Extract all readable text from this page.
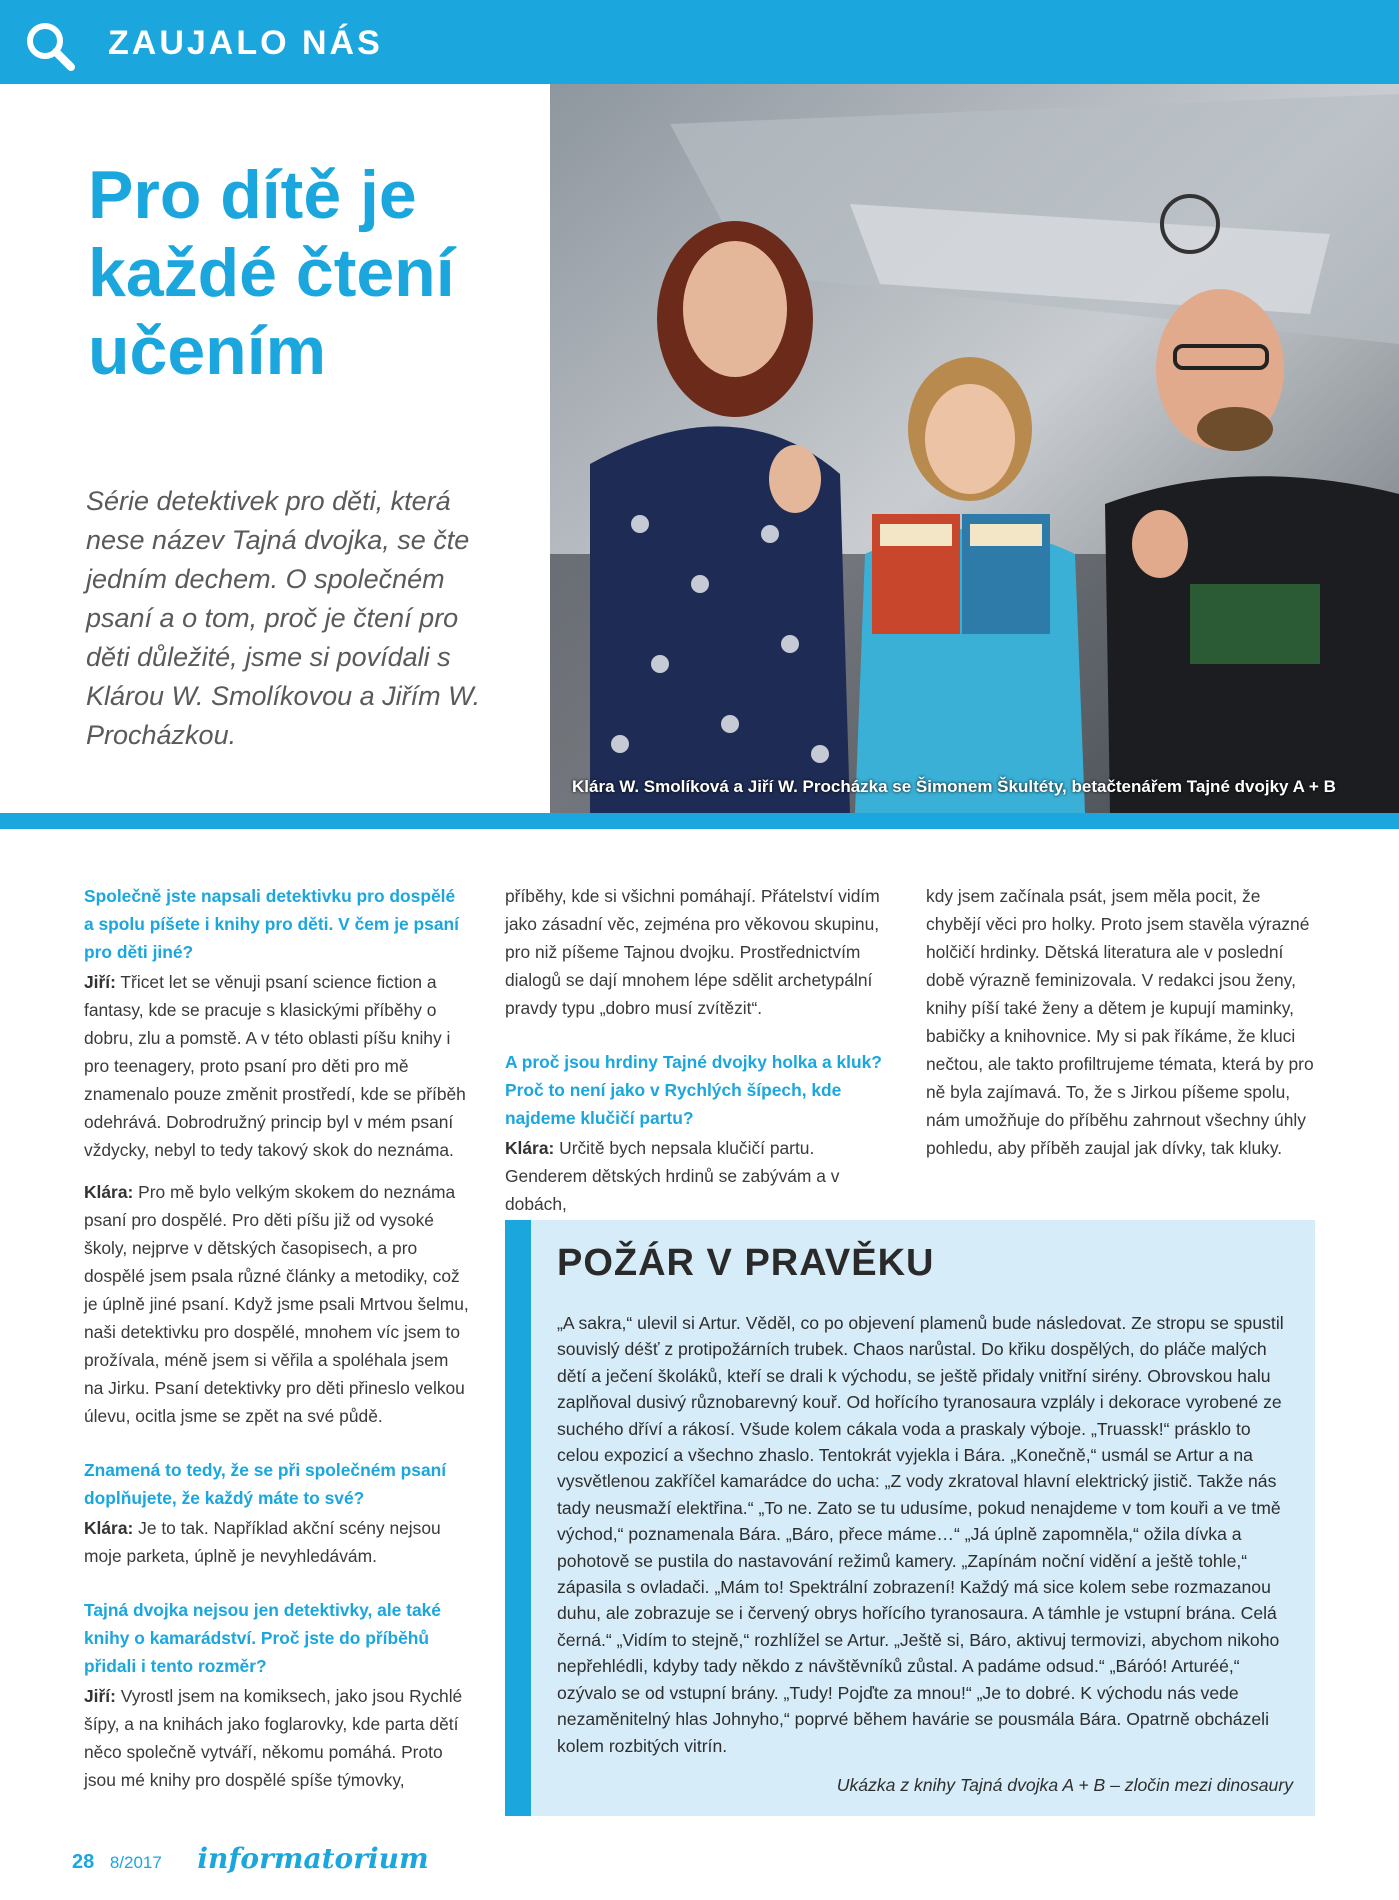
ZAUJALO NÁS
Pro dítě je každé čtení učením

Série detektivek pro děti, která nese název Tajná dvojka, se čte jedním dechem. O společném psaní a o tom, proč je čtení pro děti důležité, jsme si povídali s Klárou W. Smolíkovou a Jiřím W. Procházkou.

Klára W. Smolíková a Jiří W. Procházka se Šimonem Škultéty, betačtenářem Tajné dvojky A + B

Společně jste napsali detektivku pro dospělé a spolu píšete i knihy pro děti. V čem je psaní pro děti jiné?

Jiří: Třicet let se věnuji psaní science fiction a fantasy, kde se pracuje s klasickými příběhy o dobru, zlu a pomstě. A v této oblasti píšu knihy i pro teenagery, proto psaní pro děti pro mě znamenalo pouze změnit prostředí, kde se příběh odehrává. Dobrodružný princip byl v mém psaní vždycky, nebyl to tedy takový skok do neznáma.

Klára: Pro mě bylo velkým skokem do neznáma psaní pro dospělé. Pro děti píšu již od vysoké školy, nejprve v dětských časopisech, a pro dospělé jsem psala různé články a metodiky, což je úplně jiné psaní. Když jsme psali Mrtvou šelmu, naši detektivku pro dospělé, mnohem víc jsem to prožívala, méně jsem si věřila a spoléhala jsem na Jirku. Psaní detektivky pro děti přineslo velkou úlevu, ocitla jsme se zpět na své půdě.

Znamená to tedy, že se při společném psaní doplňujete, že každý máte to své?

Klára: Je to tak. Například akční scény nejsou moje parketa, úplně je nevyhledávám.

Tajná dvojka nejsou jen detektivky, ale také knihy o kamarádství. Proč jste do příběhů přidali i tento rozměr?

Jiří: Vyrostl jsem na komiksech, jako jsou Rychlé šípy, a na knihách jako foglarovky, kde parta dětí něco společně vytváří, někomu pomáhá. Proto jsou mé knihy pro dospělé spíše týmovky,

příběhy, kde si všichni pomáhají. Přátelství vidím jako zásadní věc, zejména pro věkovou skupinu, pro niž píšeme Tajnou dvojku. Prostřednictvím dialogů se dají mnohem lépe sdělit archetypální pravdy typu „dobro musí zvítězit“.

A proč jsou hrdiny Tajné dvojky holka a kluk? Proč to není jako v Rychlých šípech, kde najdeme klučičí partu?

Klára: Určitě bych nepsala klučičí partu. Genderem dětských hrdinů se zabývám a v dobách,

kdy jsem začínala psát, jsem měla pocit, že chybějí věci pro holky. Proto jsem stavěla výrazné holčičí hrdinky. Dětská literatura ale v poslední době výrazně feminizovala. V redakci jsou ženy, knihy píší také ženy a dětem je kupují maminky, babičky a knihovnice. My si pak říkáme, že kluci nečtou, ale takto profiltrujeme témata, která by pro ně byla zajímavá. To, že s Jirkou píšeme spolu, nám umožňuje do příběhu zahrnout všechny úhly pohledu, aby příběh zaujal jak dívky, tak kluky.

POŽÁR V PRAVĚKU

„A sakra,“ ulevil si Artur. Věděl, co po objevení plamenů bude následovat. Ze stropu se spustil souvislý déšť z protipožárních trubek. Chaos narůstal. Do křiku dospělých, do pláče malých dětí a ječení školáků, kteří se drali k východu, se ještě přidaly vnitřní sirény. Obrovskou halu zaplňoval dusivý různobarevný kouř. Od hořícího tyranosaura vzplály i dekorace vyrobené ze suchého dříví a rákosí. Všude kolem cákala voda a praskaly výboje. „Truassk!“ prásklo to celou expozicí a všechno zhaslo. Tentokrát vyjekla i Bára. „Konečně,“ usmál se Artur a na vysvětlenou zakříčel kamarádce do ucha: „Z vody zkratoval hlavní elektrický jistič. Takže nás tady neusmaží elektřina.“ „To ne. Zato se tu udusíme, pokud nenajdeme v tom kouři a ve tmě východ,“ poznamenala Bára. „Báro, přece máme…“ „Já úplně zapomněla,“ ožila dívka a pohotově se pustila do nastavování režimů kamery. „Zapínám noční vidění a ještě tohle,“ zápasila s ovladači. „Mám to! Spektrální zobrazení! Každý má sice kolem sebe rozmazanou duhu, ale zobrazuje se i červený obrys hořícího tyranosaura. A támhle je vstupní brána. Celá černá.“ „Vidím to stejně,“ rozhlížel se Artur. „Ještě si, Báro, aktivuj termovizi, abychom nikoho nepřehlédli, kdyby tady někdo z návštěvníků zůstal. A padáme odsud.“ „Bárόó! Arturéé,“ ozývalo se od vstupní brány. „Tudy! Pojďte za mnou!“ „Je to dobré. K východu nás vede nezaměnitelný hlas Johnyho,“ poprvé během havárie se pousmála Bára. Opatrně obcházeli kolem rozbitých vitrín.

Ukázka z knihy Tajná dvojka A + B – zločin mezi dinosaury
28 8/2017 informatorium
